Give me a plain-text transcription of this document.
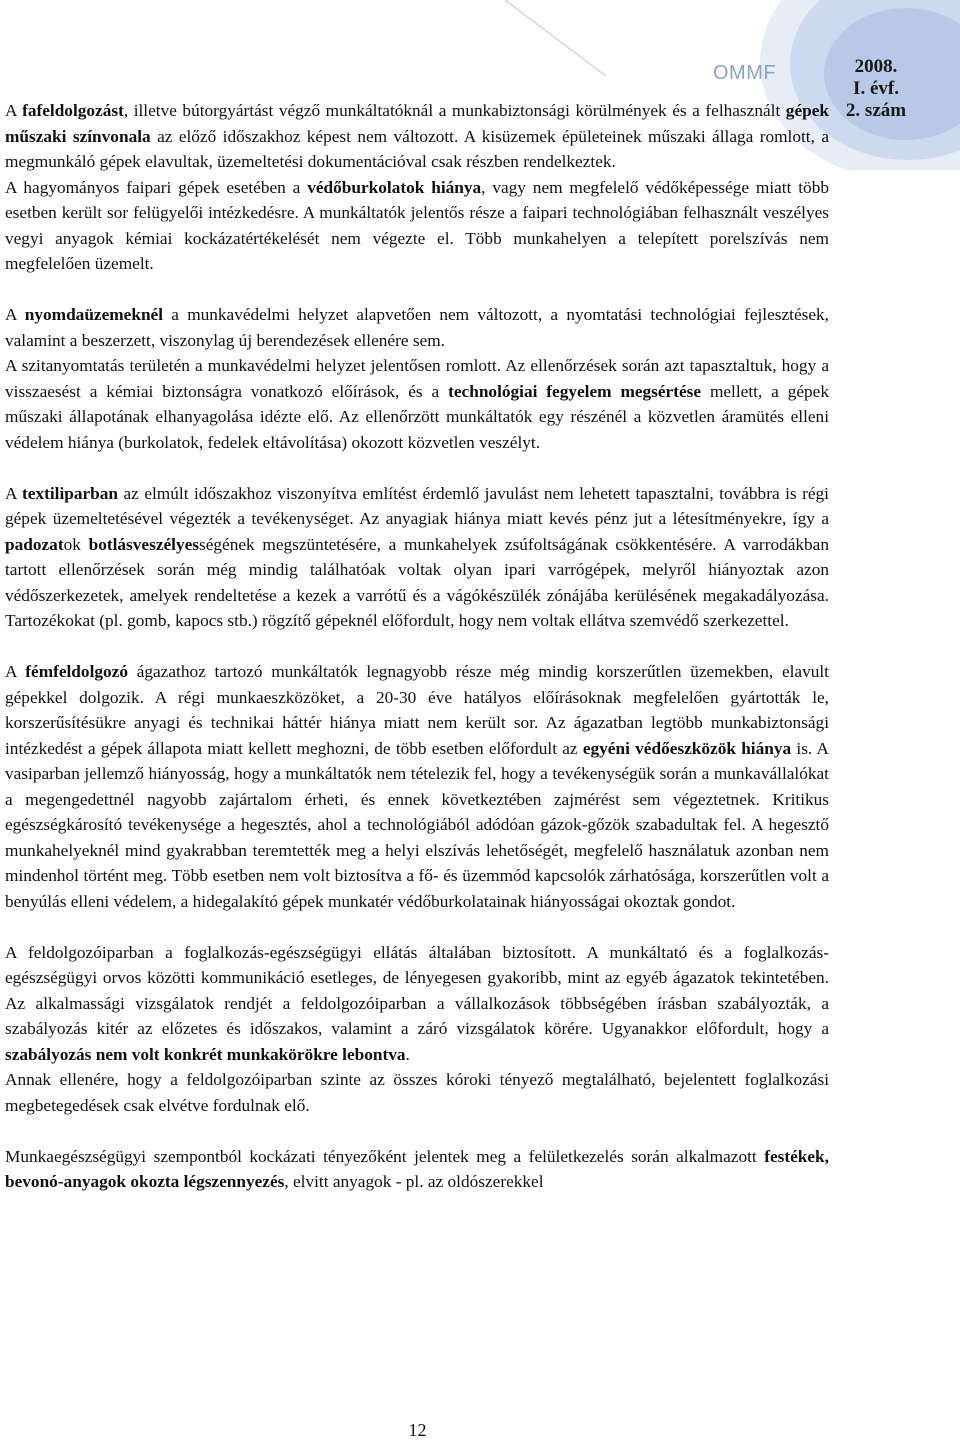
OMMF	2008.
I. évf.
2. szám

A fafeldolgozást, illetve bútorgyártást végző munkáltatóknál a munkabiztonsági körülmények és a felhasznált gépek műszaki színvonala az előző időszakhoz képest nem változott. A kisüzemek épületeinek műszaki állaga romlott, a megmunkáló gépek elavultak, üzemeltetési dokumentációval csak részben rendelkeztek.

A hagyományos faipari gépek esetében a védőburkolatok hiánya, vagy nem megfelelő védőképessége miatt több esetben került sor felügyelői intézkedésre. A munkáltatók jelentős része a faipari technológiában felhasznált veszélyes vegyi anyagok kémiai kockázatértékelését nem végezte el. Több munkahelyen a telepített porelszívás nem megfelelően üzemelt.

A nyomdaüzemeknél a munkavédelmi helyzet alapvetően nem változott, a nyomtatási technológiai fejlesztések, valamint a beszerzett, viszonylag új berendezések ellenére sem.

A szitanyomtatás területén a munkavédelmi helyzet jelentősen romlott. Az ellenőrzések során azt tapasztaltuk, hogy a visszaesést a kémiai biztonságra vonatkozó előírások, és a technológiai fegyelem megsértése mellett, a gépek műszaki állapotának elhanyagolása idézte elő. Az ellenőrzött munkáltatók egy részénél a közvetlen áramütés elleni védelem hiánya (burkolatok, fedelek eltávolítása) okozott közvetlen veszélyt.

A textiliparban az elmúlt időszakhoz viszonyítva említést érdemlő javulást nem lehetett tapasztalni, továbbra is régi gépek üzemeltetésével végezték a tevékenységet. Az anyagiak hiánya miatt kevés pénz jut a létesítményekre, így a padozatok botlásveszélyességének megszüntetésére, a munkahelyek zsúfoltságának csökkentésére. A varrodákban tartott ellenőrzések során még mindig találhatóak voltak olyan ipari varrógépek, melyről hiányoztak azon védőszerkezetek, amelyek rendeltetése a kezek a varrótű és a vágókészülék zónájába kerülésének megakadályozása. Tartozékokat (pl. gomb, kapocs stb.) rögzítő gépeknél előfordult, hogy nem voltak ellátva szemvédő szerkezettel.

A fémfeldolgozó ágazathoz tartozó munkáltatók legnagyobb része még mindig korszerűtlen üzemekben, elavult gépekkel dolgozik. A régi munkaeszközöket, a 20-30 éve hatályos előírásoknak megfelelően gyártották le, korszerűsítésükre anyagi és technikai háttér hiánya miatt nem került sor. Az ágazatban legtöbb munkabiztonsági intézkedést a gépek állapota miatt kellett meghozni, de több esetben előfordult az egyéni védőeszközök hiánya is. A vasiparban jellemző hiányosság, hogy a munkáltatók nem tételezik fel, hogy a tevékenységük során a munkavállalókat a megengedettnél nagyobb zajártalom érheti, és ennek következtében zajmérést sem végeztetnek. Kritikus egészségkárosító tevékenysége a hegesztés, ahol a technológiából adódóan gázok-gőzök szabadultak fel. A hegesztő munkahelyeknél mind gyakrabban teremtették meg a helyi elszívás lehetőségét, megfelelő használatuk azonban nem mindenhol történt meg. Több esetben nem volt biztosítva a fő- és üzemmód kapcsolók zárhatósága, korszerűtlen volt a benyúlás elleni védelem, a hidegalakító gépek munkatér védőburkolatainak hiányosságai okoztak gondot.

A feldolgozóiparban a foglalkozás-egészségügyi ellátás általában biztosított. A munkáltató és a foglalkozás-egészségügyi orvos közötti kommunikáció esetleges, de lényegesen gyakoribb, mint az egyéb ágazatok tekintetében. Az alkalmassági vizsgálatok rendjét a feldolgozóiparban a vállalkozások többségében írásban szabályozták, a szabályozás kitér az előzetes és időszakos, valamint a záró vizsgálatok körére. Ugyanakkor előfordult, hogy a szabályozás nem volt konkrét munkakörökre lebontva.

Annak ellenére, hogy a feldolgozóiparban szinte az összes kóroki tényező megtalálható, bejelentett foglalkozási megbetegedések csak elvétve fordulnak elő.

Munkaegészségügyi szempontból kockázati tényezőként jelentek meg a felületkezelés során alkalmazott festékek, bevonó-anyagok okozta légszennyezés, elvitt anyagok - pl. az oldószerekkel

12
